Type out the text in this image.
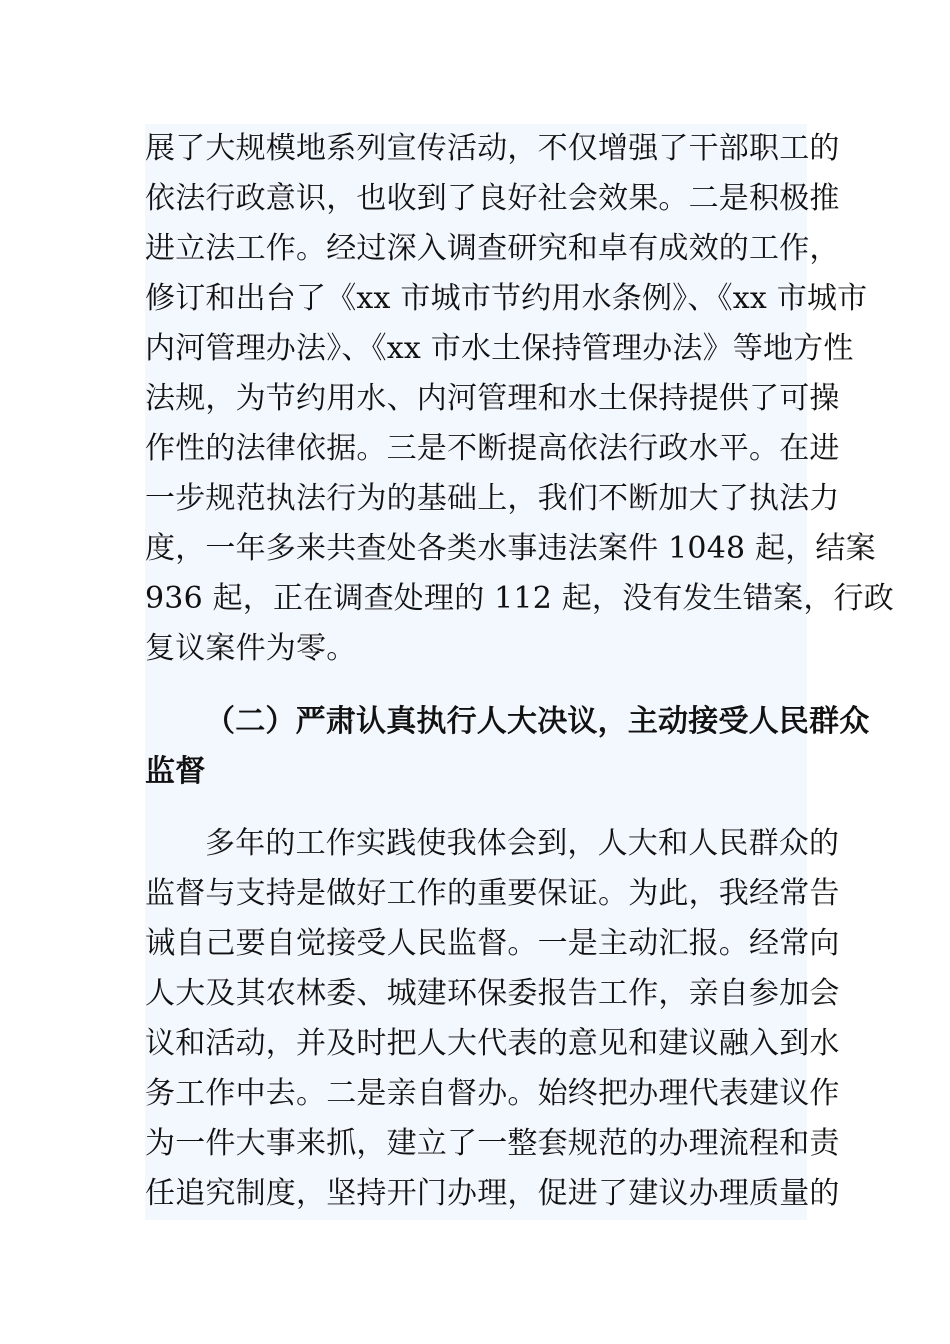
展了大规模地系列宣传活动，不仅增强了干部职工的
依法行政意识，也收到了良好社会效果。二是积极推
进立法工作。经过深入调查研究和卓有成效的工作，
修订和出台了《xx 市城市节约用水条例》、《xx 市城市
内河管理办法》、《xx 市水土保持管理办法》等地方性
法规，为节约用水、内河管理和水土保持提供了可操
作性的法律依据。三是不断提高依法行政水平。在进
一步规范执法行为的基础上，我们不断加大了执法力
度，一年多来共查处各类水事违法案件 1048 起，结案
936 起，正在调查处理的 112 起，没有发生错案，行政
复议案件为零。
（二）严肃认真执行人大决议，主动接受人民群众
监督
多年的工作实践使我体会到，人大和人民群众的
监督与支持是做好工作的重要保证。为此，我经常告
诫自己要自觉接受人民监督。一是主动汇报。经常向
人大及其农林委、城建环保委报告工作，亲自参加会
议和活动，并及时把人大代表的意见和建议融入到水
务工作中去。二是亲自督办。始终把办理代表建议作
为一件大事来抓，建立了一整套规范的办理流程和责
任追究制度，坚持开门办理，促进了建议办理质量的
